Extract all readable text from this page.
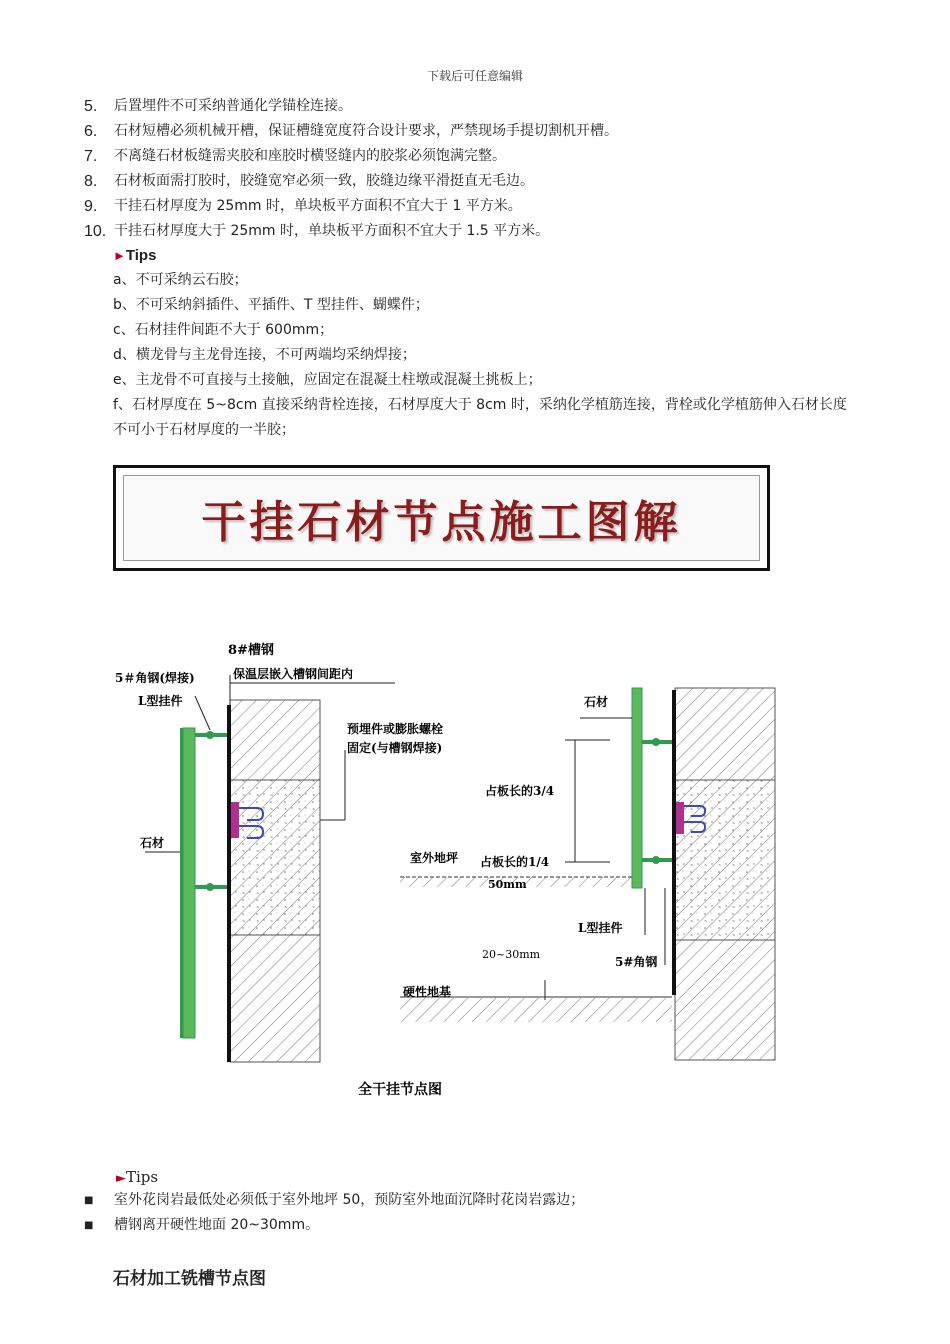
下载后可任意编辑
5.	后置埋件不可采纳普通化学锚栓连接。
6.	石材短槽必须机械开槽，保证槽缝宽度符合设计要求，严禁现场手提切割机开槽。
7.	不离缝石材板缝需夹胶和座胶时横竖缝内的胶浆必须饱满完整。
8.	石材板面需打胶时，胶缝宽窄必须一致，胶缝边缘平滑挺直无毛边。
9.	干挂石材厚度为 25mm 时，单块板平方面积不宜大于 1 平方米。
10. 干挂石材厚度大于 25mm 时，单块板平方面积不宜大于 1.5 平方米。
►Tips
a、不可采纳云石胶；
b、不可采纳斜插件、平插件、T 型挂件、蝴蝶件；
c、石材挂件间距不大于 600mm；
d、横龙骨与主龙骨连接，不可两端均采纳焊接；
e、主龙骨不可直接与土接触，应固定在混凝土柱墩或混凝土挑板上；
f、石材厚度在 5~8cm 直接采纳背栓连接，石材厚度大于 8cm 时，采纳化学植筋连接，背栓或化学植筋伸入石材长度不可小于石材厚度的一半胶；
干挂石材节点施工图解
8#槽钢
5＃角钢(焊接)	保温层嵌入槽钢间距内
L型挂件
预埋件或膨胀螺栓
固定(与槽钢焊接)
石材
石材
占板长的3/4
室外地坪 占板长的1/4
50mm
L型挂件
20~30mm
5#角钢
硬性地基
全干挂节点图
►Tips
■	室外花岗岩最低处必须低于室外地坪 50，预防室外地面沉降时花岗岩露边；
■	槽钢离开硬性地面 20~30mm。
石材加工铣槽节点图
